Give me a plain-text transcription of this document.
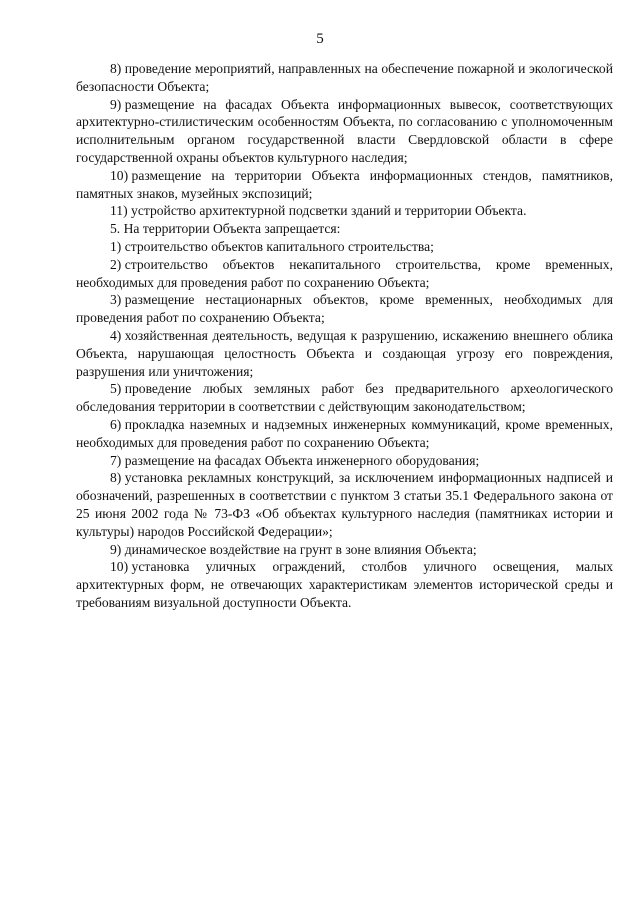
5

8) проведение мероприятий, направленных на обеспечение пожарной и экологической безопасности Объекта;

9) размещение на фасадах Объекта информационных вывесок, соответствующих архитектурно-стилистическим особенностям Объекта, по согласованию с уполномоченным исполнительным органом государственной власти Свердловской области в сфере государственной охраны объектов культурного наследия;

10) размещение на территории Объекта информационных стендов, памятников, памятных знаков, музейных экспозиций;

11) устройство архитектурной подсветки зданий и территории Объекта.

5. На территории Объекта запрещается:

1) строительство объектов капитального строительства;

2) строительство объектов некапитального строительства, кроме временных, необходимых для проведения работ по сохранению Объекта;

3) размещение нестационарных объектов, кроме временных, необходимых для проведения работ по сохранению Объекта;

4) хозяйственная деятельность, ведущая к разрушению, искажению внешнего облика Объекта, нарушающая целостность Объекта и создающая угрозу его повреждения, разрушения или уничтожения;

5) проведение любых земляных работ без предварительного археологического обследования территории в соответствии с действующим законодательством;

6) прокладка наземных и надземных инженерных коммуникаций, кроме временных, необходимых для проведения работ по сохранению Объекта;

7) размещение на фасадах Объекта инженерного оборудования;

8) установка рекламных конструкций, за исключением информационных надписей и обозначений, разрешенных в соответствии с пунктом 3 статьи 35.1 Федерального закона от 25 июня 2002 года № 73-ФЗ «Об объектах культурного наследия (памятниках истории и культуры) народов Российской Федерации»;

9) динамическое воздействие на грунт в зоне влияния Объекта;

10) установка уличных ограждений, столбов уличного освещения, малых архитектурных форм, не отвечающих характеристикам элементов исторической среды и требованиям визуальной доступности Объекта.
